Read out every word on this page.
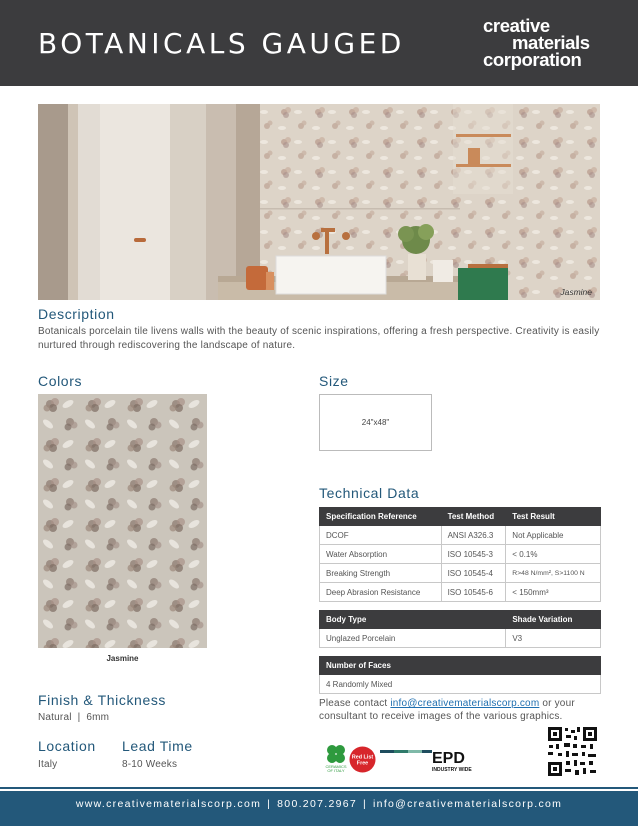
BOTANICALS GAUGED
creative
materials
corporation
Jasmine
Description
Botanicals porcelain tile livens walls with the beauty of scenic inspirations, offering a fresh perspective. Creativity is easily nurtured through rediscovering the landscape of nature.
Colors
Jasmine
Size
24"x48"
Technical Data
Specification Reference	Test Method	Test Result
DCOF	ANSI A326.3	Not Applicable
Water Absorption	ISO 10545-3	< 0.1%
Breaking Strength	ISO 10545-4	R>48 N/mm², S>1100 N
Deep Abrasion Resistance	ISO 10545-6	< 150mm³
Body Type	Shade Variation
Unglazed Porcelain	V3
Number of Faces
4 Randomly Mixed
Please contact info@creativematerialscorp.com or your consultant to receive images of the various graphics.
Finish & Thickness
Natural  |  6mm
Location
Italy
Lead Time
8-10 Weeks	CERAMICS
OF ITALY
Red List
Free	EPD
INDUSTRY WIDE
www.creativematerialscorp.com | 800.207.2967 | info@creativematerialscorp.com
